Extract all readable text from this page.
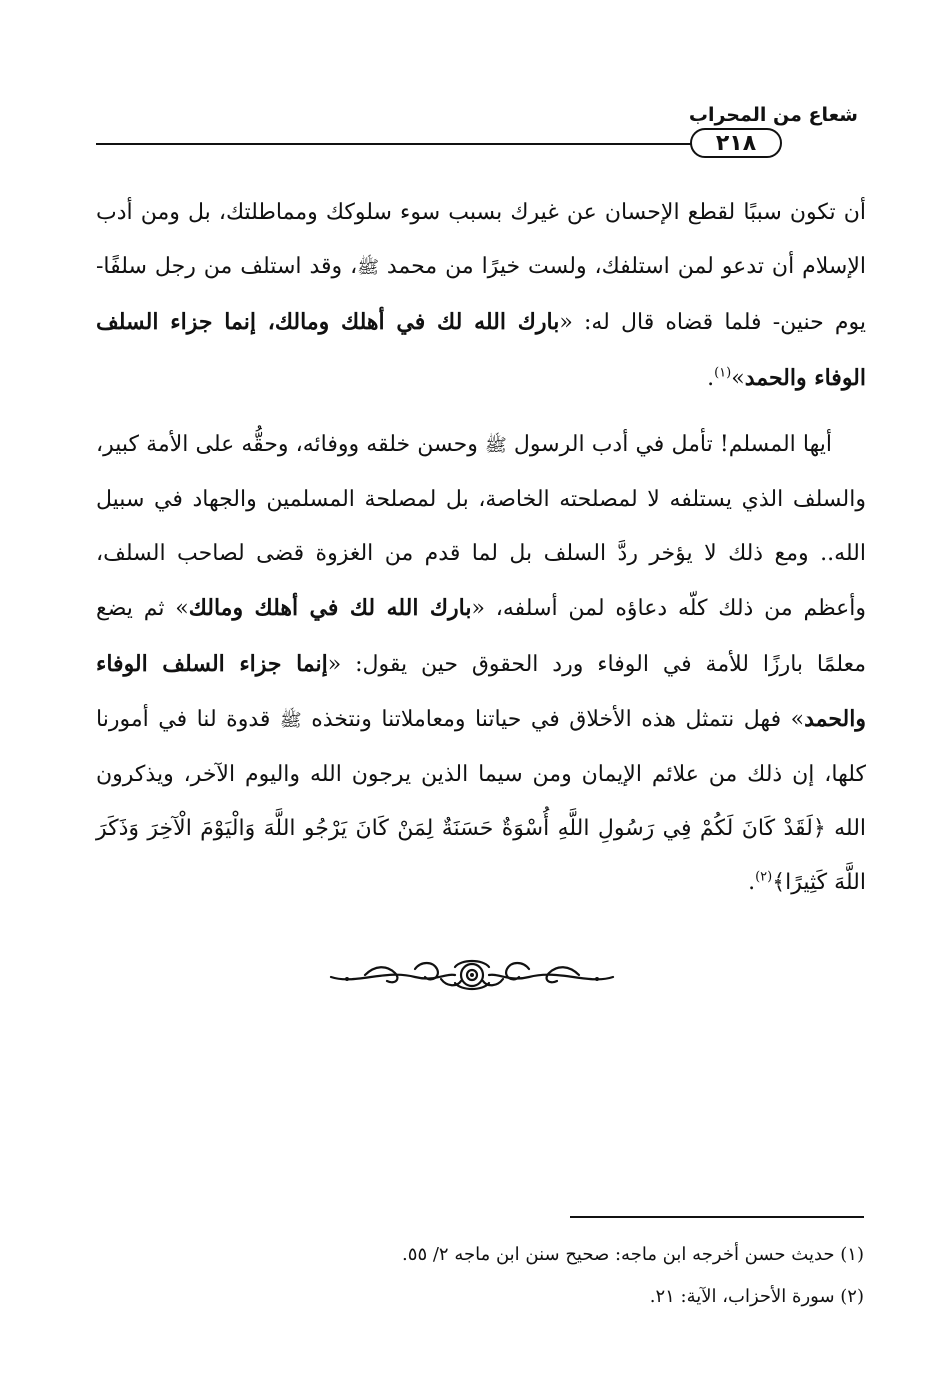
شعاع من المحراب
٢١٨

أن تكون سببًا لقطع الإحسان عن غيرك بسبب سوء سلوكك ومماطلتك، بل ومن أدب الإسلام أن تدعو لمن استلفك، ولست خيرًا من محمد ﷺ، وقد استلف من رجل سلفًا- يوم حنين- فلما قضاه قال له: «بارك الله لك في أهلك ومالك، إنما جزاء السلف الوفاء والحمد»$^{(١)}$.

أيها المسلم! تأمل في أدب الرسول ﷺ وحسن خلقه ووفائه، وحقُّه على الأمة كبير، والسلف الذي يستلفه لا لمصلحته الخاصة، بل لمصلحة المسلمين والجهاد في سبيل الله.. ومع ذلك لا يؤخر ردَّ السلف بل لما قدم من الغزوة قضى لصاحب السلف، وأعظم من ذلك كلّه دعاؤه لمن أسلفه، «بارك الله لك في أهلك ومالك» ثم يضع معلمًا بارزًا للأمة في الوفاء ورد الحقوق حين يقول: «إنما جزاء السلف الوفاء والحمد» فهل نتمثل هذه الأخلاق في حياتنا ومعاملاتنا ونتخذه ﷺ قدوة لنا في أمورنا كلها، إن ذلك من علائم الإيمان ومن سيما الذين يرجون الله واليوم الآخر، ويذكرون الله ﴿لَقَدْ كَانَ لَكُمْ فِي رَسُولِ اللَّهِ أُسْوَةٌ حَسَنَةٌ لِمَنْ كَانَ يَرْجُو اللَّهَ وَالْيَوْمَ الْآخِرَ وَذَكَرَ اللَّهَ كَثِيرًا﴾$^{(٢)}$.

(١) حديث حسن أخرجه ابن ماجه: صحيح سنن ابن ماجه ٢/ ٥٥.

(٢) سورة الأحزاب، الآية: ٢١.
